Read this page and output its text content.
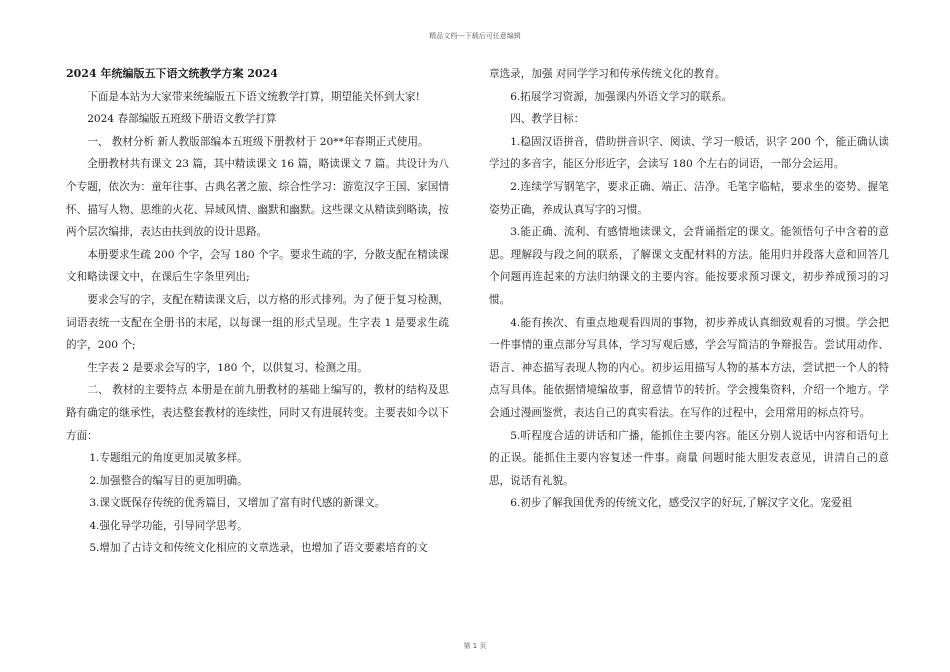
精品文档---下载后可任意编辑

2024 年统编版五下语文统教学方案 2024

下面是本站为大家带来统编版五下语文统教学打算，期望能关怀到大家!

2024 春部编版五班级下册语文教学打算

一、 教材分析 新人教版部编本五班级下册教材于 20**年春期正式使用。

全册教材共有课文 23 篇，其中精读课文 16 篇，略读课文 7 篇。共设计为八个专题，依次为：童年往事、古典名著之旅、综合性学习：游览汉字王国、家国情怀、描写人物、思维的火花、异域风情、幽默和幽默。这些课文从精读到略读，按两个层次编排，表达由扶到放的设计思路。

本册要求生疏 200 个字，会写 180 个字。要求生疏的字，分散支配在精读课文和略读课文中，在课后生字条里列出;

要求会写的字，支配在精读课文后，以方格的形式排列。为了便于复习检测，词语表统一支配在全册书的末尾，以每课一组的形式呈现。生字表 1 是要求生疏的字，200 个;

生字表 2 是要求会写的字，180 个，以供复习、检测之用。

二、 教材的主要特点 本册是在前九册教材的基础上编写的，教材的结构及思路有确定的继承性，表达整套教材的连续性，同时又有进展转变。主要表如今以下方面：

1.专题组元的角度更加灵敏多样。

2.加强整合的编写目的更加明确。

3.课文既保存传统的优秀篇目，又增加了富有时代感的新课文。

4.强化导学功能，引导同学思考。

5.增加了古诗文和传统文化相应的文章选录，也增加了语文要素培育的文

章选录，加强 对同学学习和传承传统文化的教育。

6.拓展学习资源，加强课内外语文学习的联系。

四、教学目标：

1.稳固汉语拼音，借助拼音识字、阅读、学习一般话，识字 200 个，能正确认读学过的多音字，能区分形近字，会读写 180 个左右的词语，一部分会运用。

2.连续学写钢笔字，要求正确、端正、洁净。毛笔字临帖，要求坐的姿势、握笔姿势正确，养成认真写字的习惯。

3.能正确、流利、有感情地读课文，会背诵指定的课文。能领悟句子中含着的意思。理解段与段之间的联系，了解课文支配材料的方法。能用归并段落大意和回答几个问题再连起来的方法归纳课文的主要内容。能按要求预习课文，初步养成预习的习惯。

4.能有挨次、有重点地观看四周的事物，初步养成认真细致观看的习惯。学会把一件事情的重点部分写具体，学习写观后感，学会写简洁的争辩报告。尝试用动作、语言、神态描写表现人物的内心。初步运用描写人物的基本方法，尝试把一个人的特点写具体。能依据情境编故事，留意情节的转折。学会搜集资料，介绍一个地方。学会通过漫画鉴赏，表达自己的真实看法。在写作的过程中，会用常用的标点符号。

5.听程度合适的讲话和广播，能抓住主要内容。能区分别人说话中内容和语句上的正误。能抓住主要内容复述一件事。商量 问题时能大胆发表意见，讲清自己的意思，说话有礼貌。

6.初步了解我国优秀的传统文化，感受汉字的好玩,了解汉字文化。宠爱祖

第 1 页
